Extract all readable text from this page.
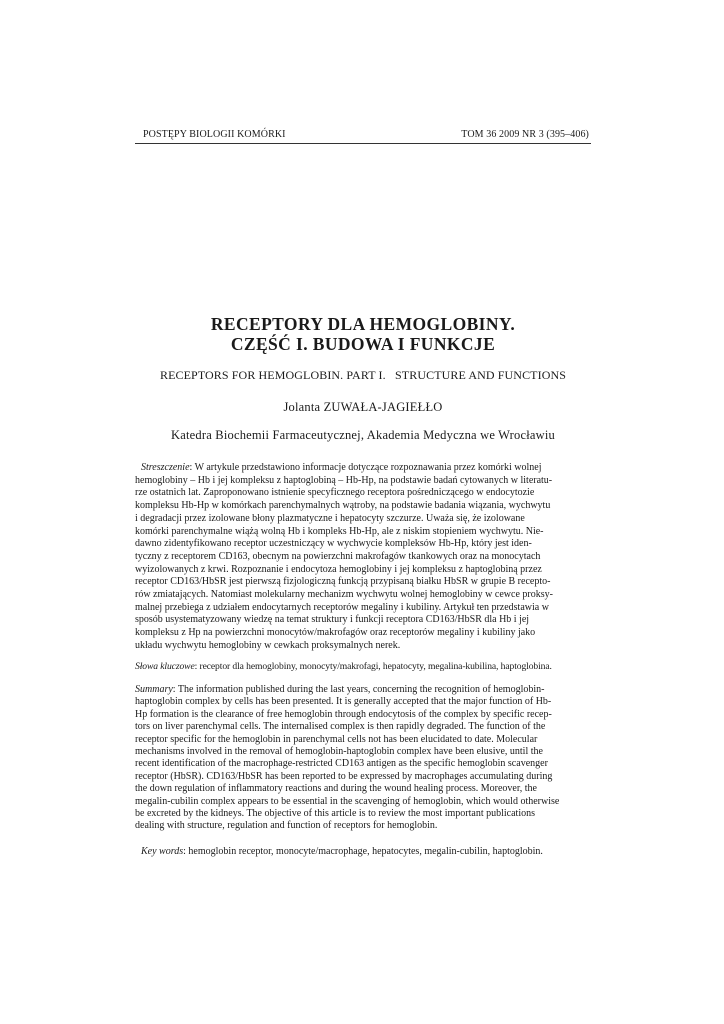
POSTĘPY BIOLOGII KOMÓRKI	TOM 36 2009 NR 3 (395–406)
RECEPTORY DLA HEMOGLOBINY.
CZĘŚĆ I. BUDOWA I FUNKCJE
RECEPTORS FOR HEMOGLOBIN. PART I.   STRUCTURE AND FUNCTIONS
Jolanta ZUWAŁA-JAGIEŁŁO
Katedra Biochemii Farmaceutycznej, Akademia Medyczna we Wrocławiu
Streszczenie: W artykule przedstawiono informacje dotyczące rozpoznawania przez komórki wolnej
hemoglobiny – Hb i jej kompleksu z haptoglobiną – Hb-Hp, na podstawie badań cytowanych w literatu-
rze ostatnich lat. Zaproponowano istnienie specyficznego receptora pośredniczącego w endocytozie
kompleksu Hb-Hp w komórkach parenchymalnych wątroby, na podstawie badania wiązania, wychwytu
i degradacji przez izolowane błony plazmatyczne i hepatocyty szczurze. Uważa się, że izolowane
komórki parenchymalne wiążą wolną Hb i kompleks Hb-Hp, ale z niskim stopieniem wychwytu. Nie-
dawno zidentyfikowano receptor uczestniczący w wychwycie kompleksów Hb-Hp, który jest iden-
tyczny z receptorem CD163, obecnym na powierzchni makrofagów tkankowych oraz na monocytach
wyizolowanych z krwi. Rozpoznanie i endocytoza hemoglobiny i jej kompleksu z haptoglobiną przez
receptor CD163/HbSR jest pierwszą fizjologiczną funkcją przypisaną białku HbSR w grupie B recepto-
rów zmiatających. Natomiast molekularny mechanizm wychwytu wolnej hemoglobiny w cewce proksy-
malnej przebiega z udziałem endocytarnych receptorów megaliny i kubiliny. Artykuł ten przedstawia w
sposób usystematyzowany wiedzę na temat struktury i funkcji receptora CD163/HbSR dla Hb i jej
kompleksu z Hp na powierzchni monocytów/makrofagów oraz receptorów megaliny i kubiliny jako
układu wychwytu hemoglobiny w cewkach proksymalnych nerek.
Słowa kluczowe: receptor dla hemoglobiny, monocyty/makrofagi, hepatocyty, megalina-kubilina, haptoglobina.
Summary: The information published during the last years, concerning the recognition of hemoglobin-
haptoglobin complex by cells has been presented. It is generally accepted that the major function of Hb-
Hp formation is the clearance of free hemoglobin through endocytosis of the complex by specific recep-
tors on liver parenchymal cells. The internalised complex is then rapidly degraded. The function of the
receptor specific for the hemoglobin in parenchymal cells not has been elucidated to date. Molecular
mechanisms involved in the removal of hemoglobin-haptoglobin complex have been elusive, until the
recent identification of the macrophage-restricted CD163 antigen as the specific hemoglobin scavenger
receptor (HbSR). CD163/HbSR has been reported to be expressed by macrophages accumulating during
the down regulation of inflammatory reactions and during the wound healing process. Moreover, the
megalin-cubilin complex appears to be essential in the scavenging of hemoglobin, which would otherwise
be excreted by the kidneys. The objective of this article is to review the most important publications
dealing with structure, regulation and function of receptors for hemoglobin.
Key words: hemoglobin receptor, monocyte/macrophage, hepatocytes, megalin-cubilin, haptoglobin.
